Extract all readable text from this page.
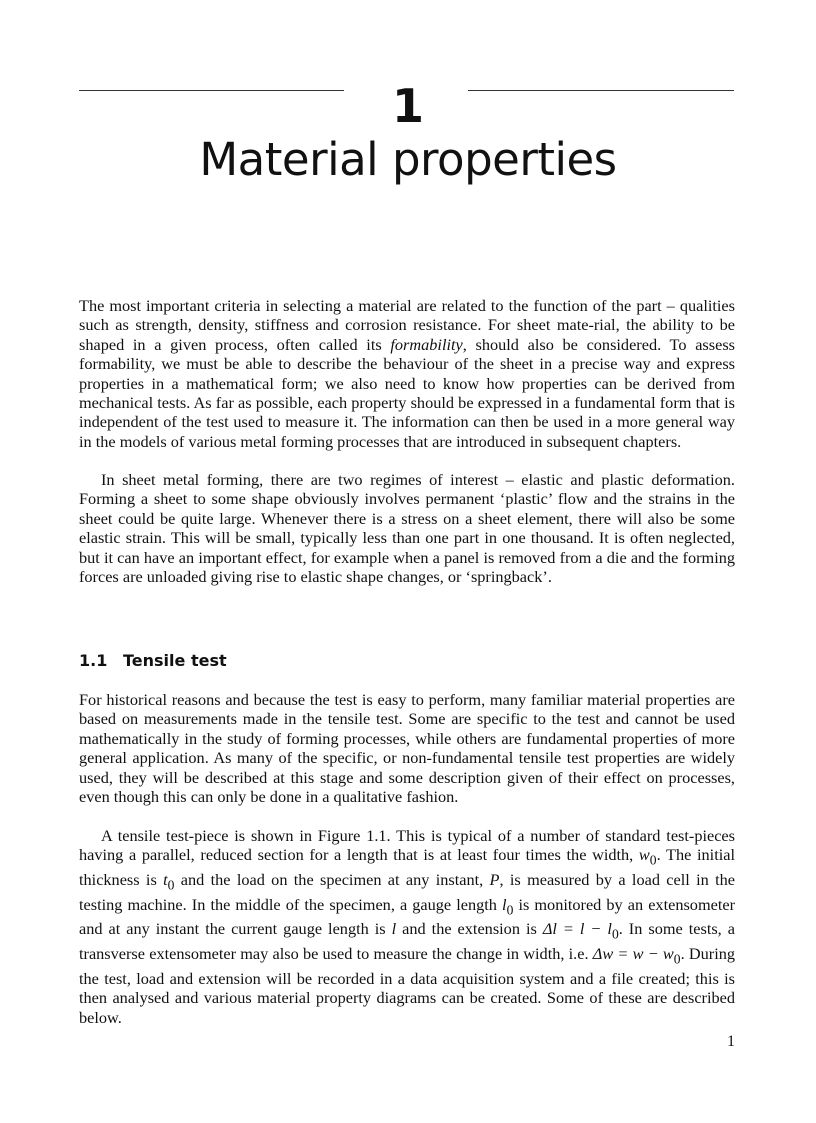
1
Material properties

The most important criteria in selecting a material are related to the function of the part – qualities such as strength, density, stiffness and corrosion resistance. For sheet mate-rial, the ability to be shaped in a given process, often called its formability, should also be considered. To assess formability, we must be able to describe the behaviour of the sheet in a precise way and express properties in a mathematical form; we also need to know how properties can be derived from mechanical tests. As far as possible, each property should be expressed in a fundamental form that is independent of the test used to measure it. The information can then be used in a more general way in the models of various metal forming processes that are introduced in subsequent chapters.

In sheet metal forming, there are two regimes of interest – elastic and plastic deformation. Forming a sheet to some shape obviously involves permanent ‘plastic’ flow and the strains in the sheet could be quite large. Whenever there is a stress on a sheet element, there will also be some elastic strain. This will be small, typically less than one part in one thousand. It is often neglected, but it can have an important effect, for example when a panel is removed from a die and the forming forces are unloaded giving rise to elastic shape changes, or ‘springback’.

1.1 Tensile test

For historical reasons and because the test is easy to perform, many familiar material properties are based on measurements made in the tensile test. Some are specific to the test and cannot be used mathematically in the study of forming processes, while others are fundamental properties of more general application. As many of the specific, or non-fundamental tensile test properties are widely used, they will be described at this stage and some description given of their effect on processes, even though this can only be done in a qualitative fashion.

A tensile test-piece is shown in Figure 1.1. This is typical of a number of standard test-pieces having a parallel, reduced section for a length that is at least four times the width, $w_0$. The initial thickness is $t_0$ and the load on the specimen at any instant, P, is measured by a load cell in the testing machine. In the middle of the specimen, a gauge length $l_0$ is monitored by an extensometer and at any instant the current gauge length is l and the extension is $\Delta l = l - l_0$. In some tests, a transverse extensometer may also be used to measure the change in width, i.e. $\Delta w = w - w_0$. During the test, load and extension will be recorded in a data acquisition system and a file created; this is then analysed and various material property diagrams can be created. Some of these are described below.

1
